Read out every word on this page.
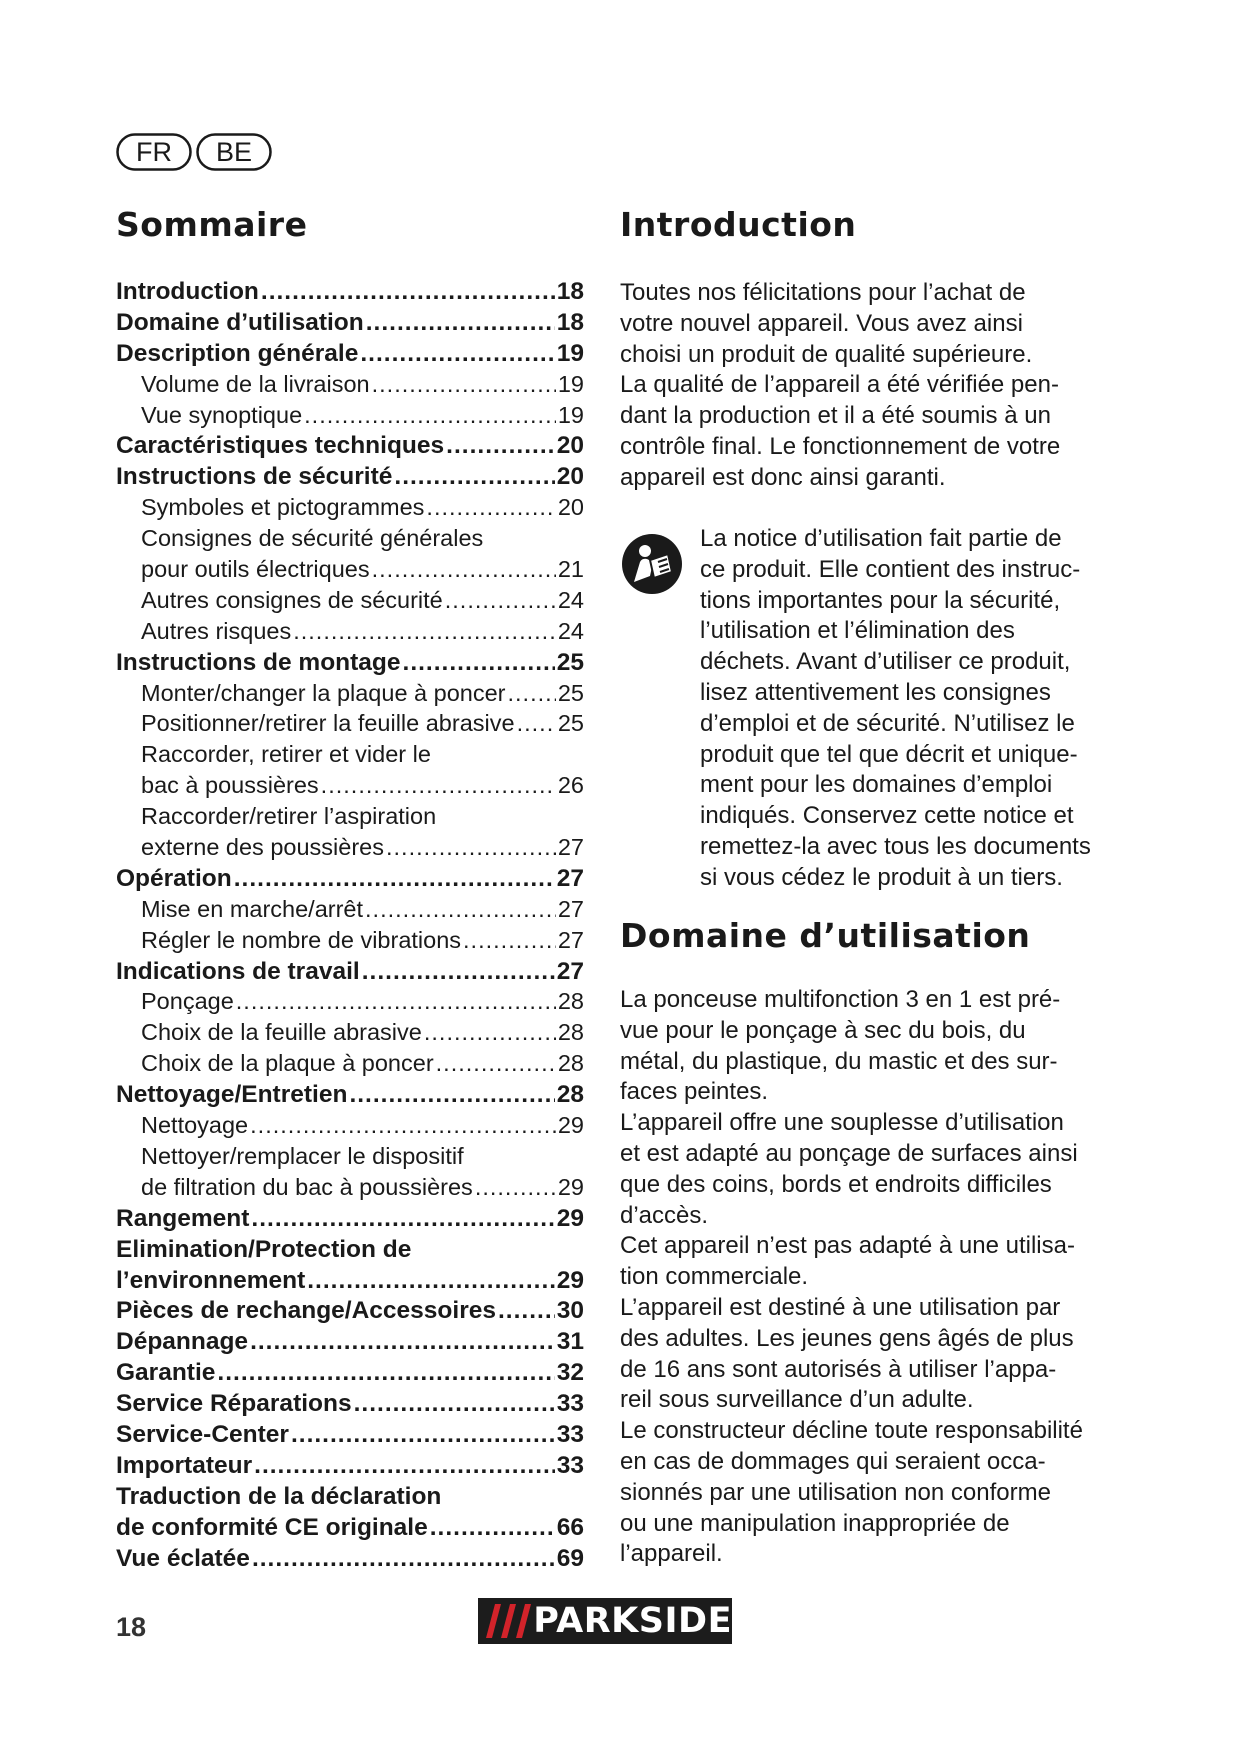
FR	BE
Sommaire	Introduction
Introduction .....	18
Domaine d’utilisation .....	18
Description générale .....	19
Volume de la livraison .....	19
Vue synoptique .....	19
Caractéristiques techniques .....	20
Instructions de sécurité .....	20
Symboles et pictogrammes .....	20
Consignes de sécurité générales
pour outils électriques .....	21
Autres consignes de sécurité .....	24
Autres risques .....	24
Instructions de montage .....	25
Monter/changer la plaque à poncer ..... 25
Positionner/retirer la feuille abrasive ..... 25
Raccorder, retirer et vider le
bac à poussières .....	26
Raccorder/retirer l’aspiration
externe des poussières .....	27
Opération .....	27
Mise en marche/arrêt .....	27
Régler le nombre de vibrations .....	27
Indications de travail .....	27
Ponçage .....	28
Choix de la feuille abrasive .....	28
Choix de la plaque à poncer .....	28
Nettoyage/Entretien .....	28
Nettoyage .....	29
Nettoyer/remplacer le dispositif
de filtration du bac à poussières .....	29
Rangement .....	29
Elimination/Protection de
l’environnement .....	29
Pièces de rechange/Accessoires ..... 30
Dépannage .....	31
Garantie .....	32
Service Réparations .....	33
Service-Center .....	33
Importateur .....	33
Traduction de la déclaration
de conformité CE originale .....	66
Vue éclatée .....	69

Toutes nos félicitations pour l’achat de
votre nouvel appareil. Vous avez ainsi
choisi un produit de qualité supérieure.
La qualité de l’appareil a été vérifiée pen-
dant la production et il a été soumis à un
contrôle final. Le fonctionnement de votre
appareil est donc ainsi garanti.

La notice d’utilisation fait partie de
ce produit. Elle contient des instruc-
tions importantes pour la sécurité,
l’utilisation et l’élimination des
déchets. Avant d’utiliser ce produit,
lisez attentivement les consignes
d’emploi et de sécurité. N’utilisez le
produit que tel que décrit et unique-
ment pour les domaines d’emploi
indiqués. Conservez cette notice et
remettez-la avec tous les documents
si vous cédez le produit à un tiers.

Domaine d’utilisation

La ponceuse multifonction 3 en 1 est pré-
vue pour le ponçage à sec du bois, du
métal, du plastique, du mastic et des sur-
faces peintes.
L’appareil offre une souplesse d’utilisation
et est adapté au ponçage de surfaces ainsi
que des coins, bords et endroits difficiles
d’accès.
Cet appareil n’est pas adapté à une utilisa-
tion commerciale.
L’appareil est destiné à une utilisation par
des adultes. Les jeunes gens âgés de plus
de 16 ans sont autorisés à utiliser l’appa-
reil sous surveillance d’un adulte.
Le constructeur décline toute responsabilité
en cas de dommages qui seraient occa-
sionnés par une utilisation non conforme
ou une manipulation inappropriée de
l’appareil.

18	PARKSIDE
